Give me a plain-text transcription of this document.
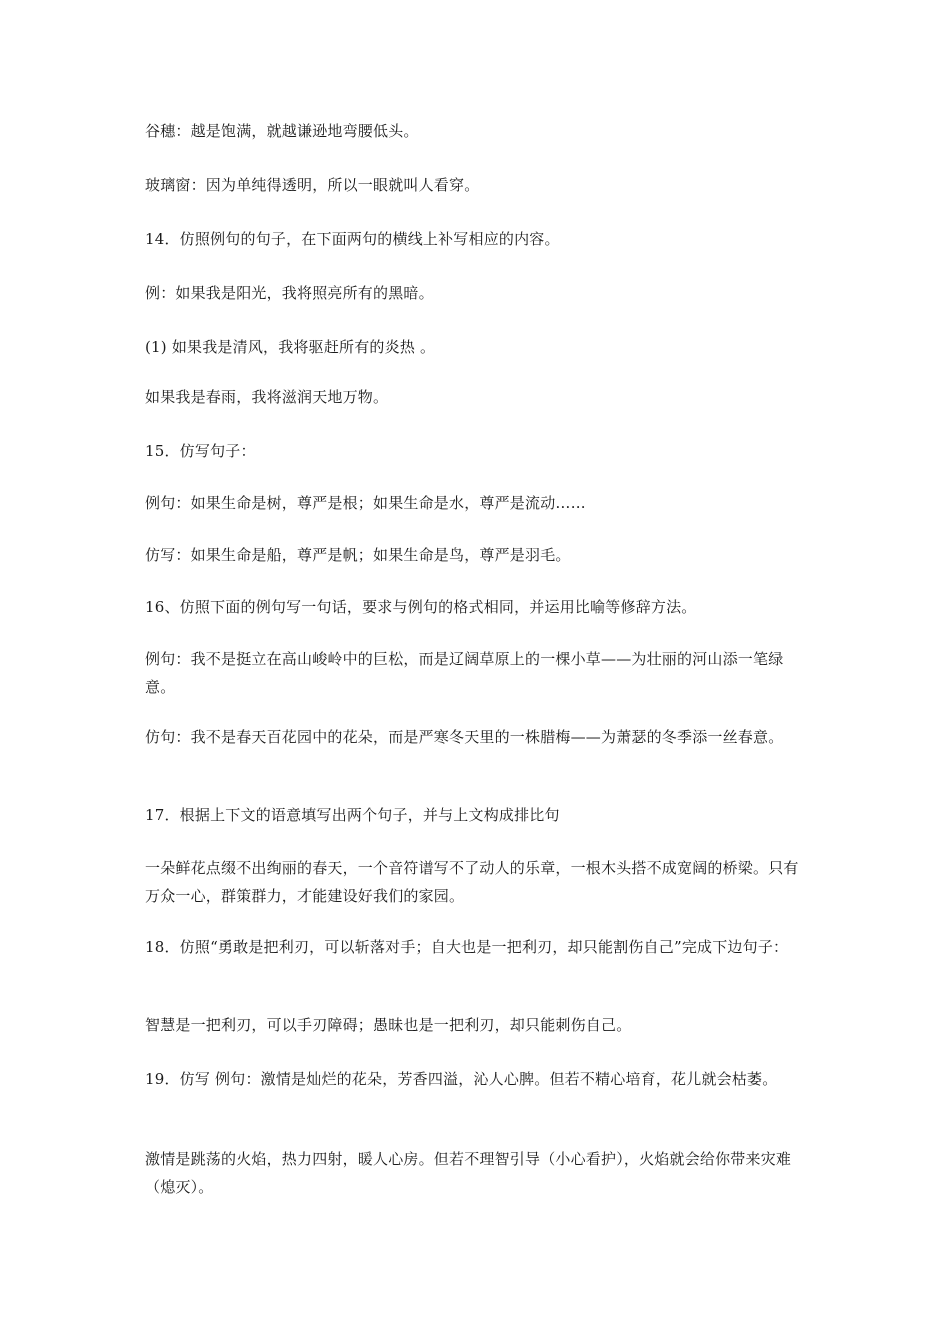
谷穗：越是饱满，就越谦逊地弯腰低头。

玻璃窗：因为单纯得透明，所以一眼就叫人看穿。

14．仿照例句的句子，在下面两句的横线上补写相应的内容。

例：如果我是阳光，我将照亮所有的黑暗。

(1) 如果我是清风，我将驱赶所有的炎热 。

如果我是春雨，我将滋润天地万物。

15．仿写句子：

例句：如果生命是树，尊严是根；如果生命是水，尊严是流动……

仿写：如果生命是船，尊严是帆；如果生命是鸟，尊严是羽毛。

16、仿照下面的例句写一句话，要求与例句的格式相同，并运用比喻等修辞方法。

例句：我不是挺立在高山峻岭中的巨松，而是辽阔草原上的一棵小草——为壮丽的河山添一笔绿意。

仿句：我不是春天百花园中的花朵，而是严寒冬天里的一株腊梅——为萧瑟的冬季添一丝春意。

17．根据上下文的语意填写出两个句子，并与上文构成排比句

一朵鲜花点缀不出绚丽的春天，一个音符谱写不了动人的乐章，一根木头搭不成宽阔的桥梁。只有万众一心，群策群力，才能建设好我们的家园。

18．仿照“勇敢是把利刃，可以斩落对手；自大也是一把利刃，却只能割伤自己”完成下边句子：

智慧是一把利刃，可以手刃障碍；愚昧也是一把利刃，却只能刺伤自己。

19．仿写 例句：激情是灿烂的花朵，芳香四溢，沁人心脾。但若不精心培育，花儿就会枯萎。

激情是跳荡的火焰，热力四射，暖人心房。但若不理智引导（小心看护），火焰就会给你带来灾难（熄灭）。
